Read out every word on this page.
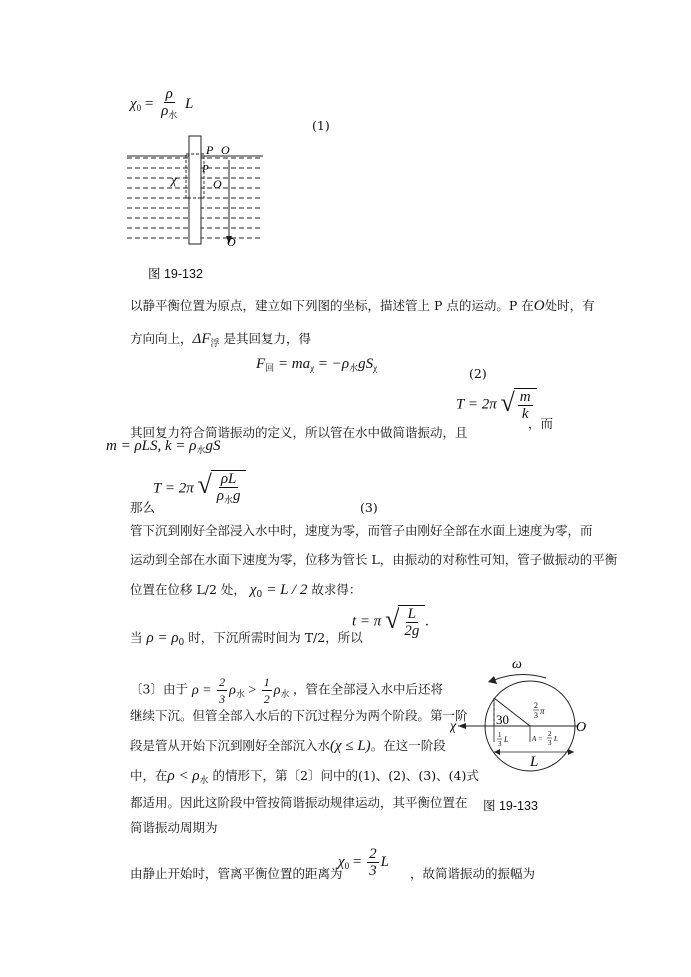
$\chi_0 = \frac{\rho}{\rho_水}$ L
(1)
P O
P
χ	O
O
图 19-132
以静平衡位置为原点，建立如下列图的坐标，描述管上 P 点的运动。P 在O处时，有
方向向上，$\Delta F_浮$ 是其回复力，得
$F_回 = ma_\chi = -\rho_水gS_\chi$	(2)
其回复力符合简谐振动的定义，所以管在水中做简谐振动，且
T = 2π √ $\frac{m}{k}$
，而
m = ρLS, $k = \rho_水gS$
T = 2π √ $\frac{\rho L}{\rho_水g}$
那么	(3)
管下沉到刚好全部浸入水中时，速度为零，而管子由刚好全部在水面上速度为零，而
运动到全部在水面下速度为零，位移为管长 L，由振动的对称性可知，管子做振动的平衡
位置在位移 L/2 处， $\chi_0 = L / 2$ 故求得：
当 $\rho = \rho_0$ 时，下沉所需时间为 T/2，所以
t = π √ $\frac{L}{2g}$ .
〔3〕由于 $\rho = \frac{2}{3} \rho_水 > \frac{1}{2} \rho_水$ ，管在全部浸入水中后还将
继续下沉。但管全部入水后的下沉过程分为两个阶段。第一阶
段是管从开始下沉到刚好全部沉入水(χ ≤ L)。在这一阶段
中，在$\rho < \rho_水$ 的情形下，第〔2〕问中的(1)、(2)、(3)、(4)式
都适用。因此这阶段中管按简谐振动规律运动，其平衡位置在
简谐振动周期为
ω
χ	30
2
3 π
O
1
3 L	A =
2
3 L
L
图 19-133
由静止开始时，管离平衡位置的距离为
$\chi_0 = \frac{2}{3}$ L
，故简谐振动的振幅为
